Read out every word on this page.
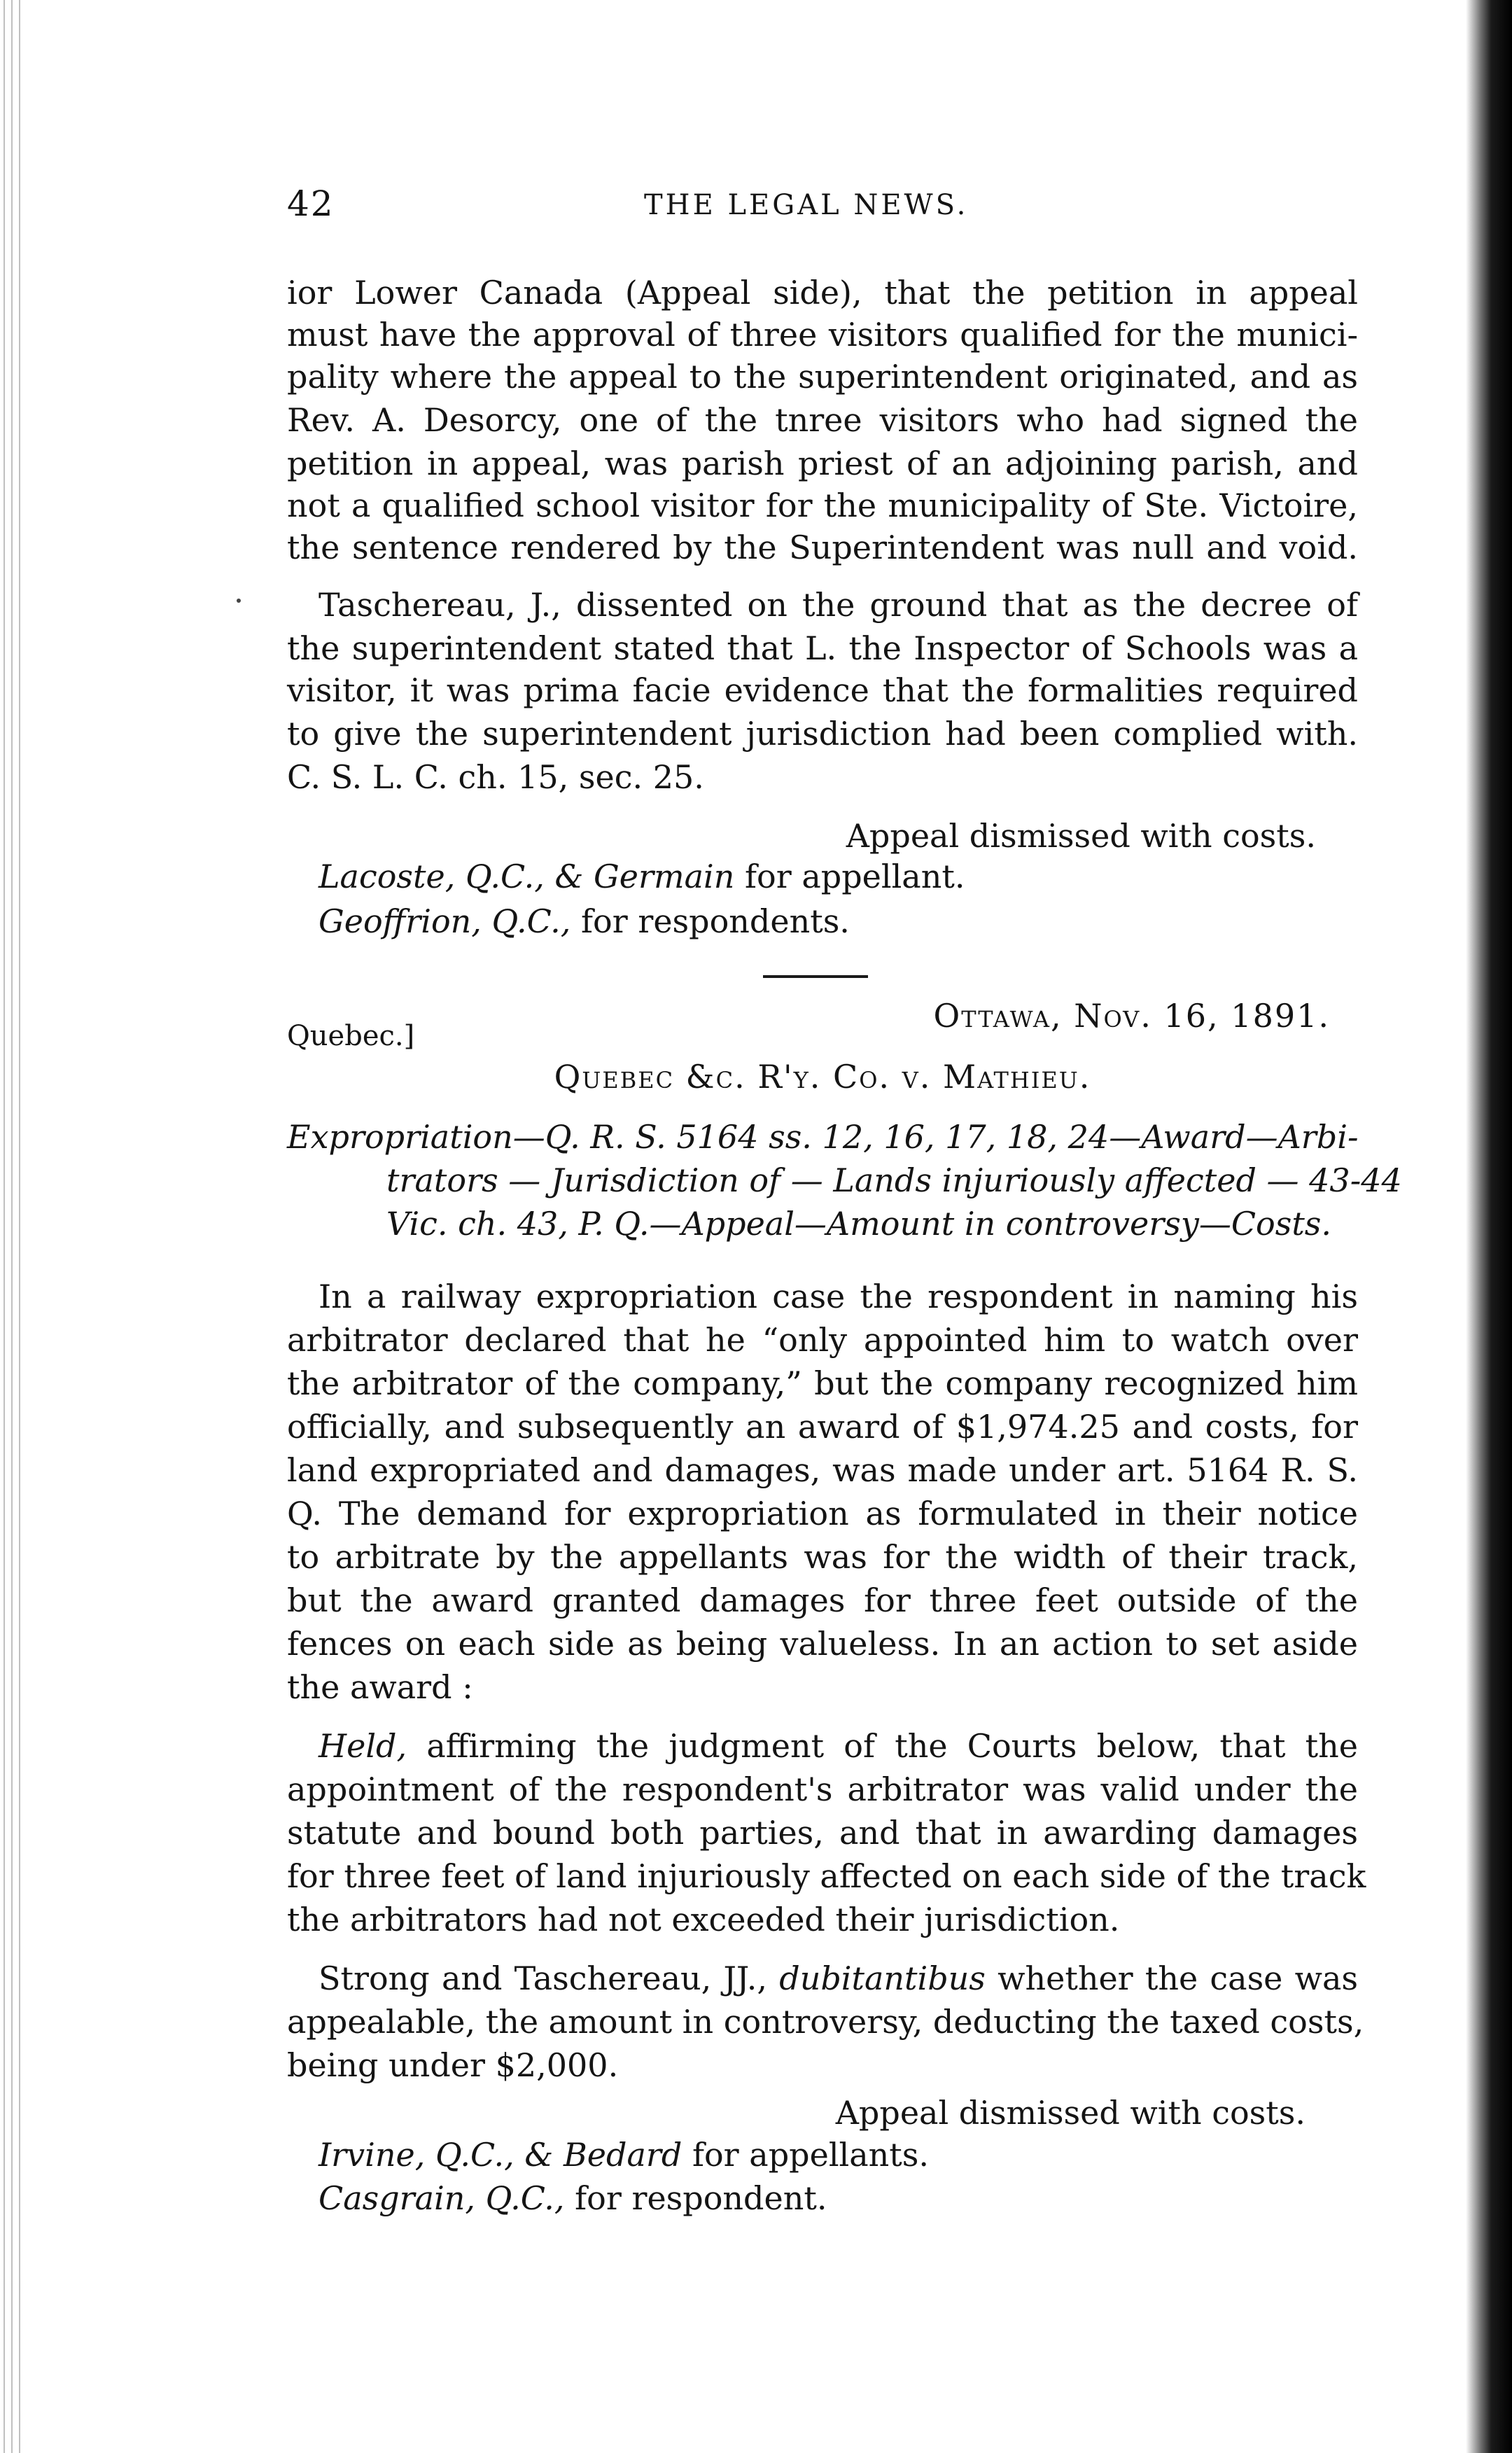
42	THE LEGAL NEWS.
ior Lower Canada (Appeal side), that the petition in appeal
must have the approval of three visitors qualified for the munici-
pality where the appeal to the superintendent originated, and as
Rev. A. Desorcy, one of the tnree visitors who had signed the
petition in appeal, was parish priest of an adjoining parish, and
not a qualified school visitor for the municipality of Ste. Victoire,
the sentence rendered by the Superintendent was null and void.
Taschereau, J., dissented on the ground that as the decree of
the superintendent stated that L. the Inspector of Schools was a
visitor, it was prima facie evidence that the formalities required
to give the superintendent jurisdiction had been complied with.
C. S. L. C. ch. 15, sec. 25.
Appeal dismissed with costs.
Lacoste, Q.C., & Germain for appellant.
Geoffrion, Q.C., for respondents.
Quebec.]
Ottawa, Nov. 16, 1891.
Quebec &c. R'y. Co. v. Mathieu.
Expropriation—Q. R. S. 5164 ss. 12, 16, 17, 18, 24—Award—Arbi-
trators — Jurisdiction of — Lands injuriously affected — 43-44
Vic. ch. 43, P. Q.—Appeal—Amount in controversy—Costs.
In a railway expropriation case the respondent in naming his
arbitrator declared that he “only appointed him to watch over
the arbitrator of the company,” but the company recognized him
officially, and subsequently an award of $1,974.25 and costs, for
land expropriated and damages, was made under art. 5164 R. S.
Q. The demand for expropriation as formulated in their notice
to arbitrate by the appellants was for the width of their track,
but the award granted damages for three feet outside of the
fences on each side as being valueless. In an action to set aside
the award :
Held, affirming the judgment of the Courts below, that the
appointment of the respondent's arbitrator was valid under the
statute and bound both parties, and that in awarding damages
for three feet of land injuriously affected on each side of the track
the arbitrators had not exceeded their jurisdiction.
Strong and Taschereau, JJ., dubitantibus whether the case was
appealable, the amount in controversy, deducting the taxed costs,
being under $2,000.
Appeal dismissed with costs.
Irvine, Q.C., & Bedard for appellants.
Casgrain, Q.C., for respondent.
